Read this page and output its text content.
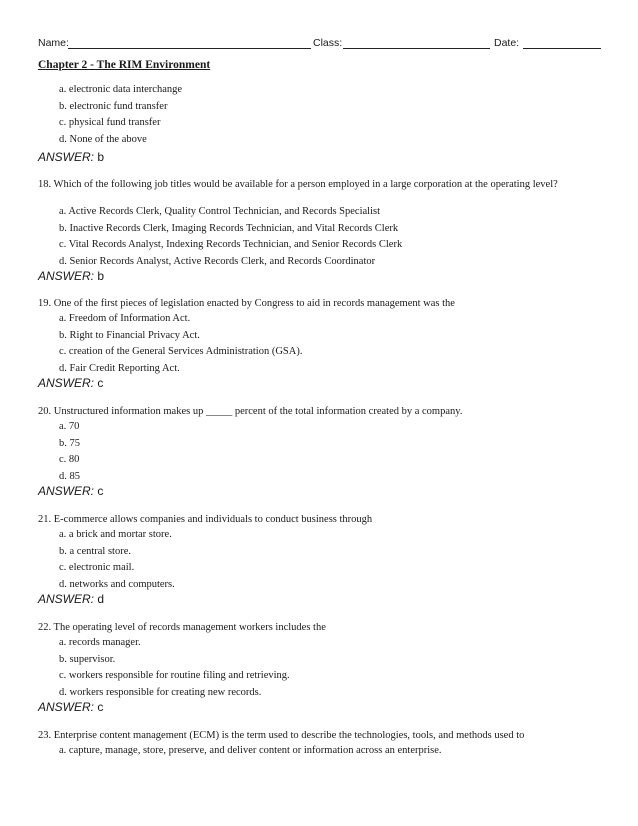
Name:	Class:	Date:
Chapter 2 - The RIM Environment
a. electronic data interchange
b. electronic fund transfer
c. physical fund transfer
d. None of the above
ANSWER: b
18. Which of the following job titles would be available for a person employed in a large corporation at the operating level?
a. Active Records Clerk, Quality Control Technician, and Records Specialist
b. Inactive Records Clerk, Imaging Records Technician, and Vital Records Clerk
c. Vital Records Analyst, Indexing Records Technician, and Senior Records Clerk
d. Senior Records Analyst, Active Records Clerk, and Records Coordinator
ANSWER: b
19. One of the first pieces of legislation enacted by Congress to aid in records management was the
a. Freedom of Information Act.
b. Right to Financial Privacy Act.
c. creation of the General Services Administration (GSA).
d. Fair Credit Reporting Act.
ANSWER: c
20. Unstructured information makes up _____ percent of the total information created by a company.
a. 70
b. 75
c. 80
d. 85
ANSWER: c
21. E-commerce allows companies and individuals to conduct business through
a. a brick and mortar store.
b. a central store.
c. electronic mail.
d. networks and computers.
ANSWER: d
22. The operating level of records management workers includes the
a. records manager.
b. supervisor.
c. workers responsible for routine filing and retrieving.
d. workers responsible for creating new records.
ANSWER: c
23. Enterprise content management (ECM) is the term used to describe the technologies, tools, and methods used to
a. capture, manage, store, preserve, and deliver content or information across an enterprise.
